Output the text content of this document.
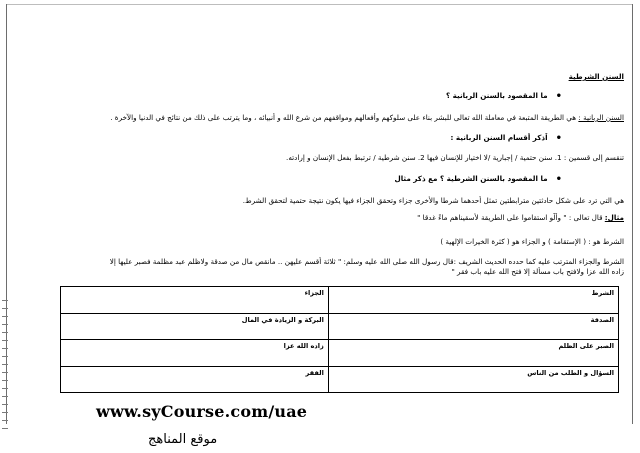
السنن الشرطية
• ما المقصود بالسنن الربانية ؟
السنن الربانية : هي الطريقة المتبعة في معاملة الله تعالى للبشر بناء على سلوكهم وأفعالهم ومواقفهم من شرع الله و أنبيائه ، وما يترتب على ذلك من نتائج في الدنيا والآخرة .
• اُذكر أقسام السنن الربانية :
تنقسم إلى قسمين : 1. سنن حتمية / إجبارية /لا اختيار للإنسان فيها 2. سنن شرطية / ترتبط بفعل الإنسان و إرادته.
• ما المقصود بالسنن الشرطية ؟ مع ذكر مثال
هي التي ترد على شكل حادثتين مترابطتين تمثل أحدهما شرطا والأخرى جزاء وتحقق الجزاء فيها يكون نتيجة حتمية لتحقق الشرط.
مثال: قال تعالى : " وأَلَّو استقاموا على الطريقة لأسقيناهم ماءً غدقا "
الشرط هو : ( الإستقامة ) و الجزاء هو ( كثرة الخيرات الإلهية )
الشرط والجزاء المترتب عليه كما حدده الحديث الشريف :قال رسول الله صلى الله عليه وسلم: " ثلاثة أقسم عليهن .. مانقص مال من صدقة ولاظلم عبد مظلمة فصبر عليها إلا
زاده الله عزا ولافتح باب مسألة إلا فتح الله عليه باب فقر "
الشرط	الجزاء
الصدقة	البركة و الزيادة في المال
الصبر على الظلم	زاده الله عزا
السؤال و الطلب من الناس	الفقر
www.syCourse.com/uae
موقع المناهج
